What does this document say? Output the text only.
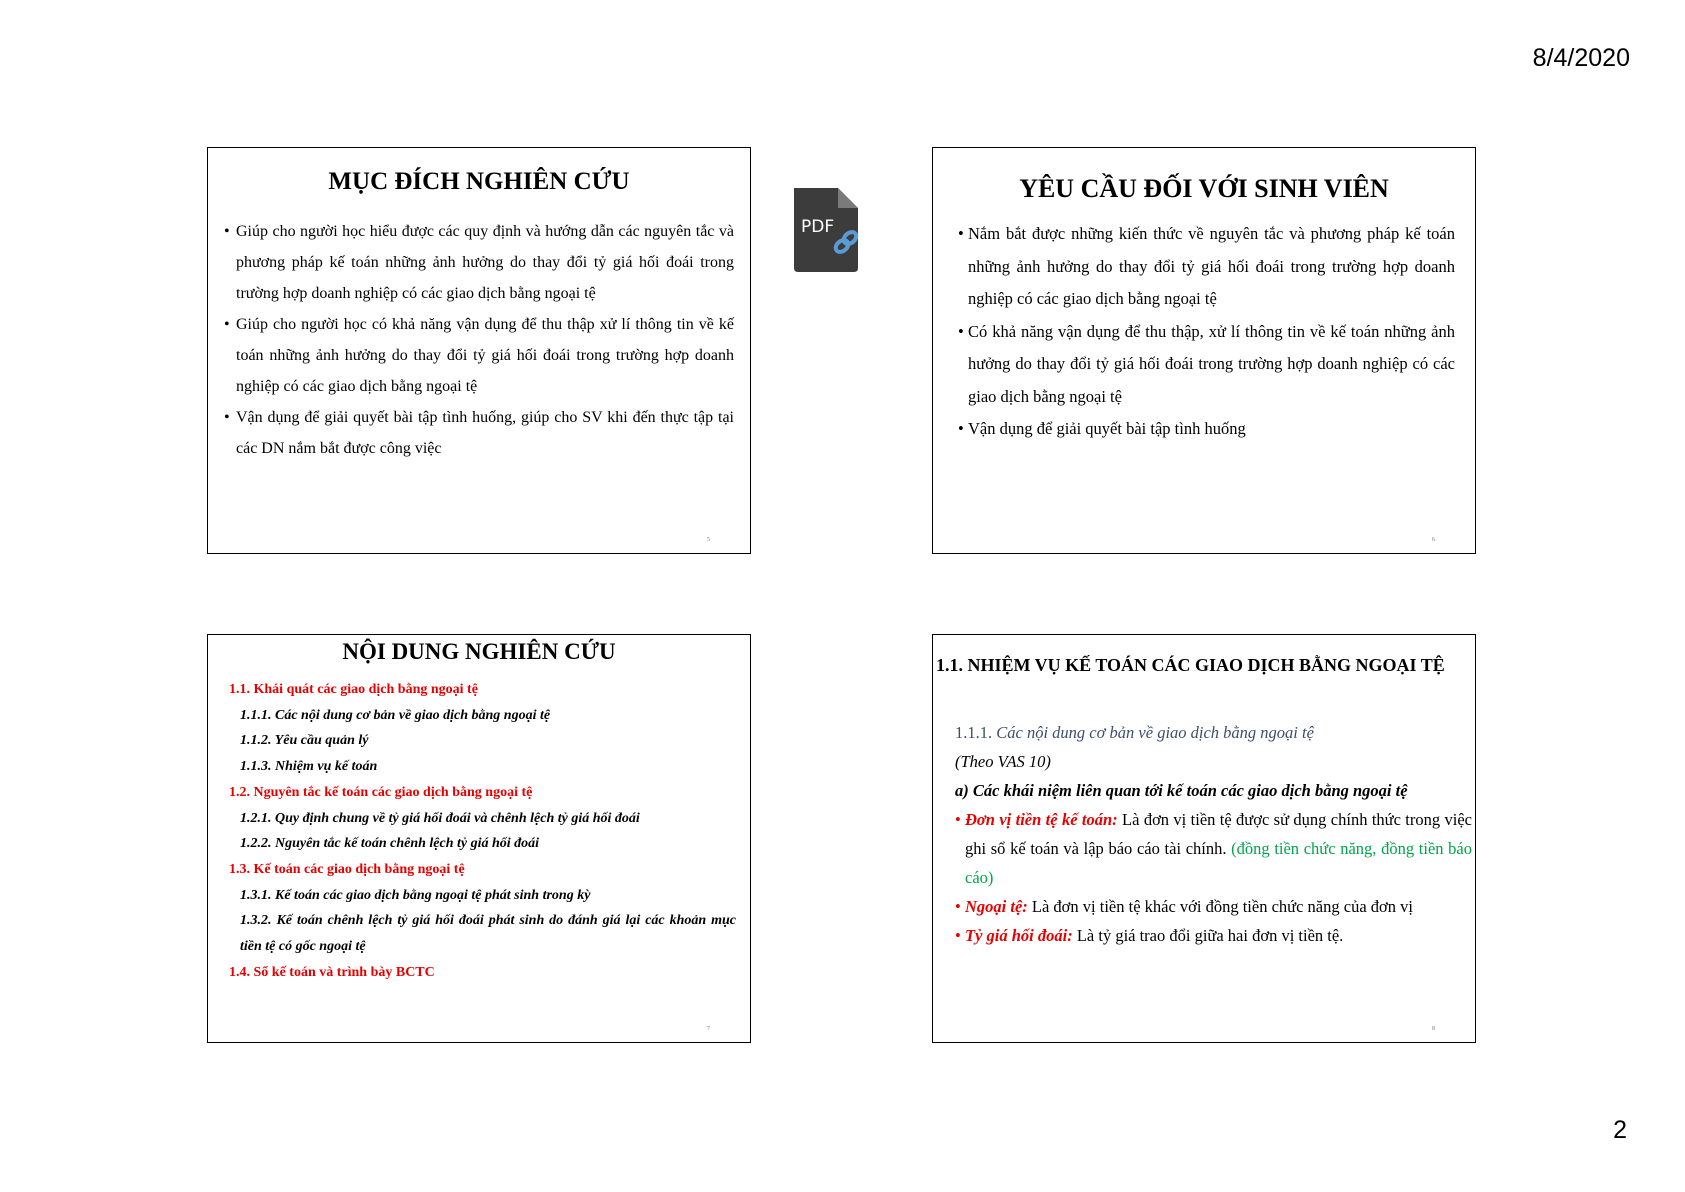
8/4/2020
MỤC ĐÍCH NGHIÊN CỨU
• Giúp cho người học hiểu được các quy định và hướng dẫn các nguyên tắc và phương pháp kế toán những ảnh hưởng do thay đổi tỷ giá hối đoái trong trường hợp doanh nghiệp có các giao dịch bằng ngoại tệ
• Giúp cho người học có khả năng vận dụng để thu thập xử lí thông tin về kế toán những ảnh hưởng do thay đổi tỷ giá hối đoái trong trường hợp doanh nghiệp có các giao dịch bằng ngoại tệ
• Vận dụng để giải quyết bài tập tình huống, giúp cho SV khi đến thực tập tại các DN nắm bắt được công việc
5
PDF
YÊU CẦU ĐỐI VỚI SINH VIÊN
• Nắm bắt được những kiến thức về nguyên tắc và phương pháp kế toán những ảnh hưởng do thay đổi tỷ giá hối đoái trong trường hợp doanh nghiệp có các giao dịch bằng ngoại tệ
• Có khả năng vận dụng để thu thập, xử lí thông tin về kế toán những ảnh hưởng do thay đổi tỷ giá hối đoái trong trường hợp doanh nghiệp có các giao dịch bằng ngoại tệ
• Vận dụng để giải quyết bài tập tình huống
6
NỘI DUNG NGHIÊN CỨU
1.1. Khái quát các giao dịch bằng ngoại tệ
1.1.1. Các nội dung cơ bản về giao dịch bằng ngoại tệ
1.1.2. Yêu cầu quản lý
1.1.3. Nhiệm vụ kế toán
1.2. Nguyên tắc kế toán các giao dịch bằng ngoại tệ
1.2.1. Quy định chung về tỷ giá hối đoái và chênh lệch tỷ giá hối đoái
1.2.2. Nguyên tắc kế toán chênh lệch tỷ giá hối đoái
1.3. Kế toán các giao dịch bằng ngoại tệ
1.3.1. Kế toán các giao dịch bằng ngoại tệ phát sinh trong kỳ
1.3.2. Kế toán chênh lệch tỷ giá hối đoái phát sinh do đánh giá lại các khoản mục tiền tệ có gốc ngoại tệ
1.4. Sổ kế toán và trình bày BCTC
7
1.1. NHIỆM VỤ KẾ TOÁN CÁC GIAO DỊCH BẰNG NGOẠI TỆ
1.1.1. Các nội dung cơ bản về giao dịch bằng ngoại tệ
(Theo VAS 10)
a) Các khái niệm liên quan tới kế toán các giao dịch bằng ngoại tệ
• Đơn vị tiền tệ kế toán: Là đơn vị tiền tệ được sử dụng chính thức trong việc ghi sổ kế toán và lập báo cáo tài chính. (đồng tiền chức năng, đồng tiền báo cáo)
• Ngoại tệ: Là đơn vị tiền tệ khác với đồng tiền chức năng của đơn vị
• Tỷ giá hối đoái: Là tỷ giá trao đổi giữa hai đơn vị tiền tệ.
8
2
